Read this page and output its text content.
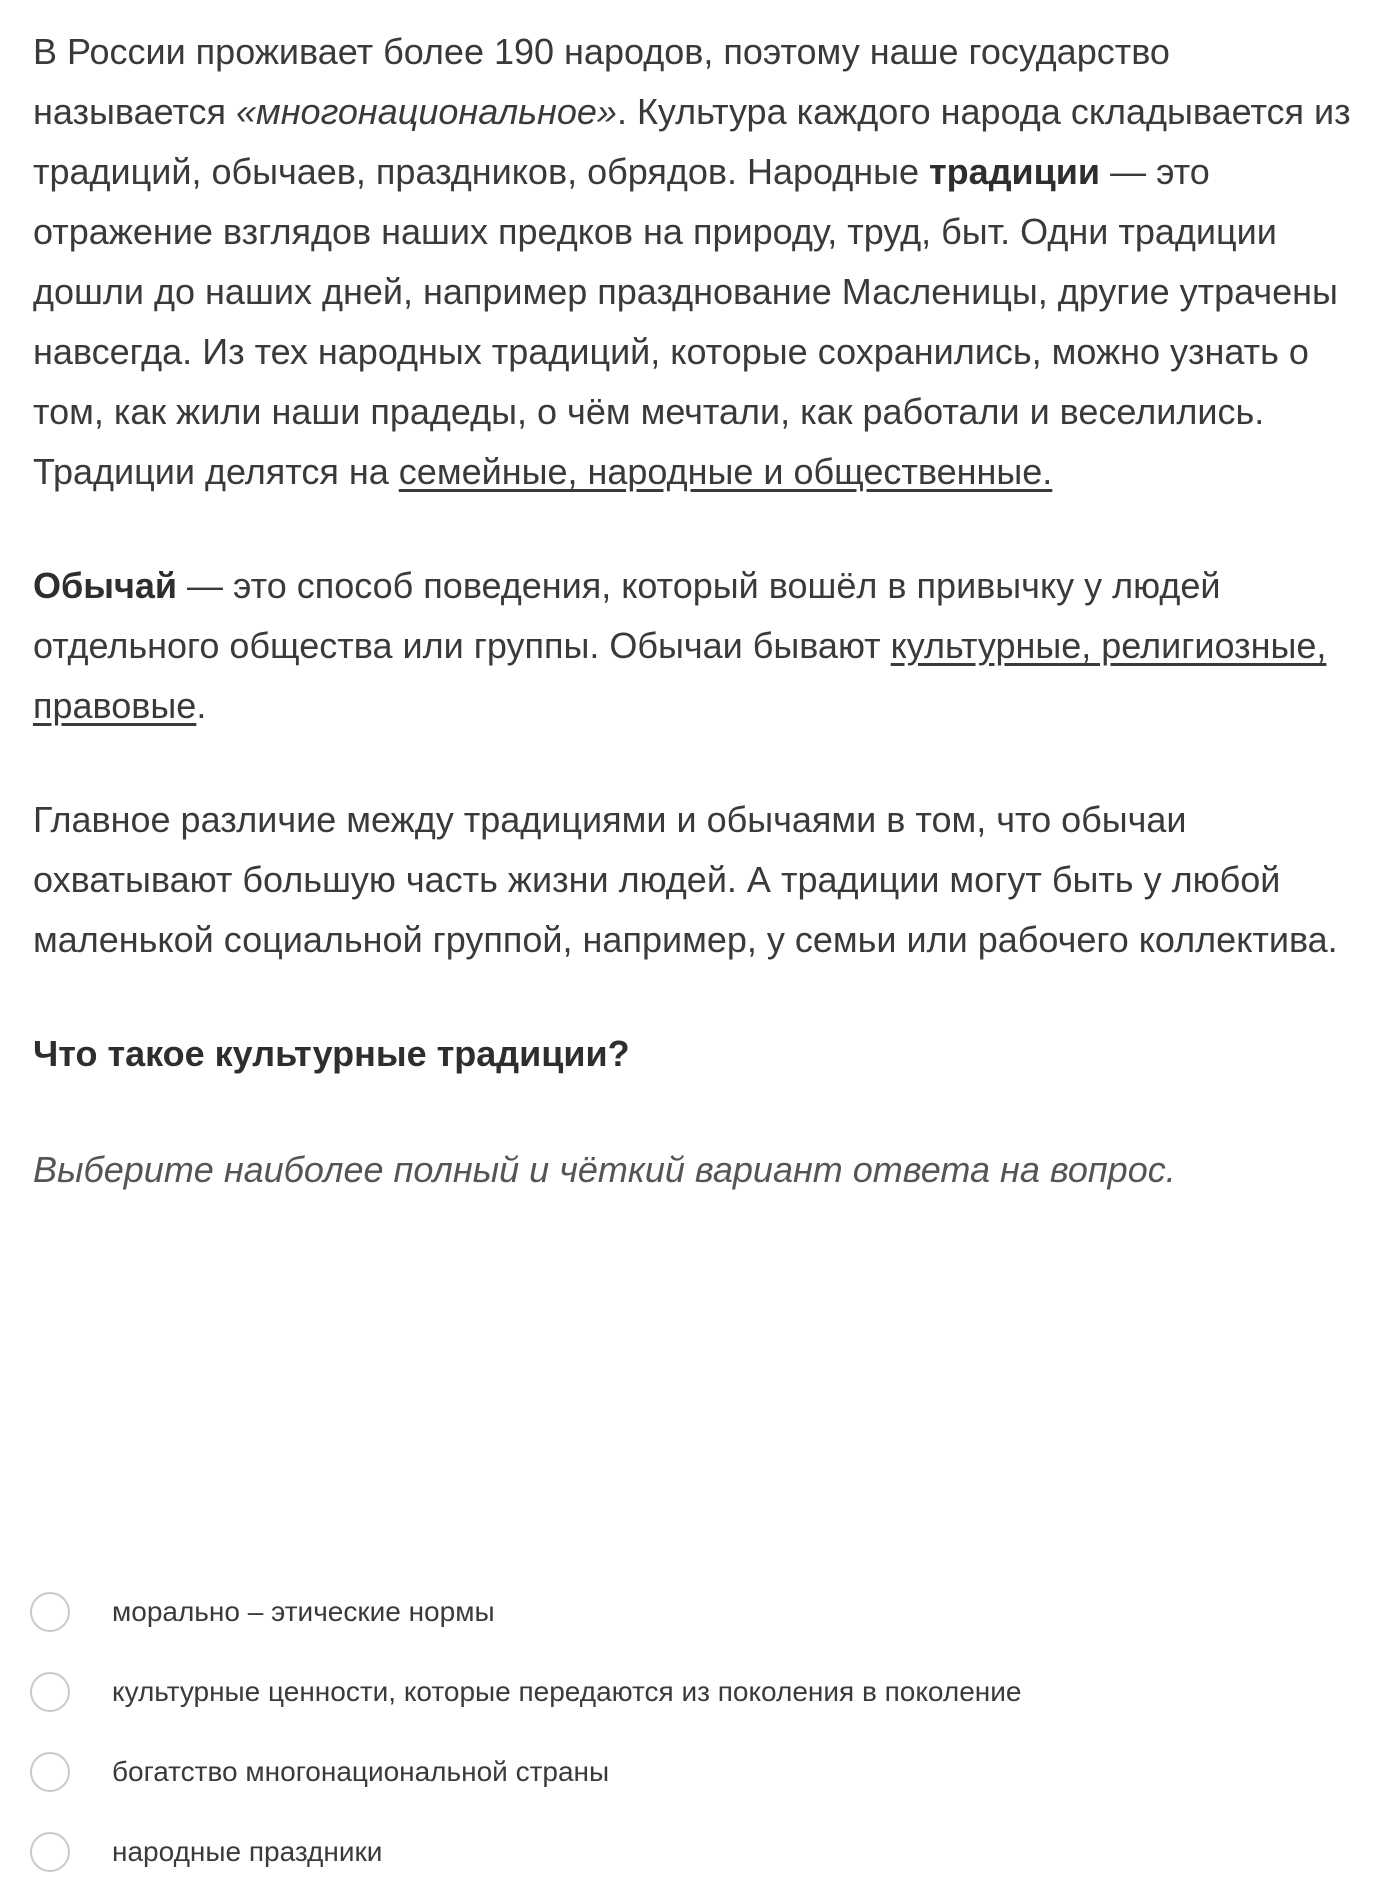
В России проживает более 190 народов, поэтому наше государство называется «многонациональное». Культура каждого народа складывается из традиций, обычаев, праздников, обрядов. Народные традиции — это отражение взглядов наших предков на природу, труд, быт. Одни традиции дошли до наших дней, например празднование Масленицы, другие утрачены навсегда. Из тех народных традиций, которые сохранились, можно узнать о том, как жили наши прадеды, о чём мечтали, как работали и веселились. Традиции делятся на семейные, народные и общественные.

Обычай — это способ поведения, который вошёл в привычку у людей отдельного общества или группы. Обычаи бывают культурные, религиозные, правовые.

Главное различие между традициями и обычаями в том, что обычаи охватывают большую часть жизни людей. А традиции могут быть у любой маленькой социальной группой, например, у семьи или рабочего коллектива.

Что такое культурные традиции?

Выберите наиболее полный и чёткий вариант ответа на вопрос.

морально – этические нормы
культурные ценности, которые передаются из поколения в поколение
богатство многонациональной страны
народные праздники
